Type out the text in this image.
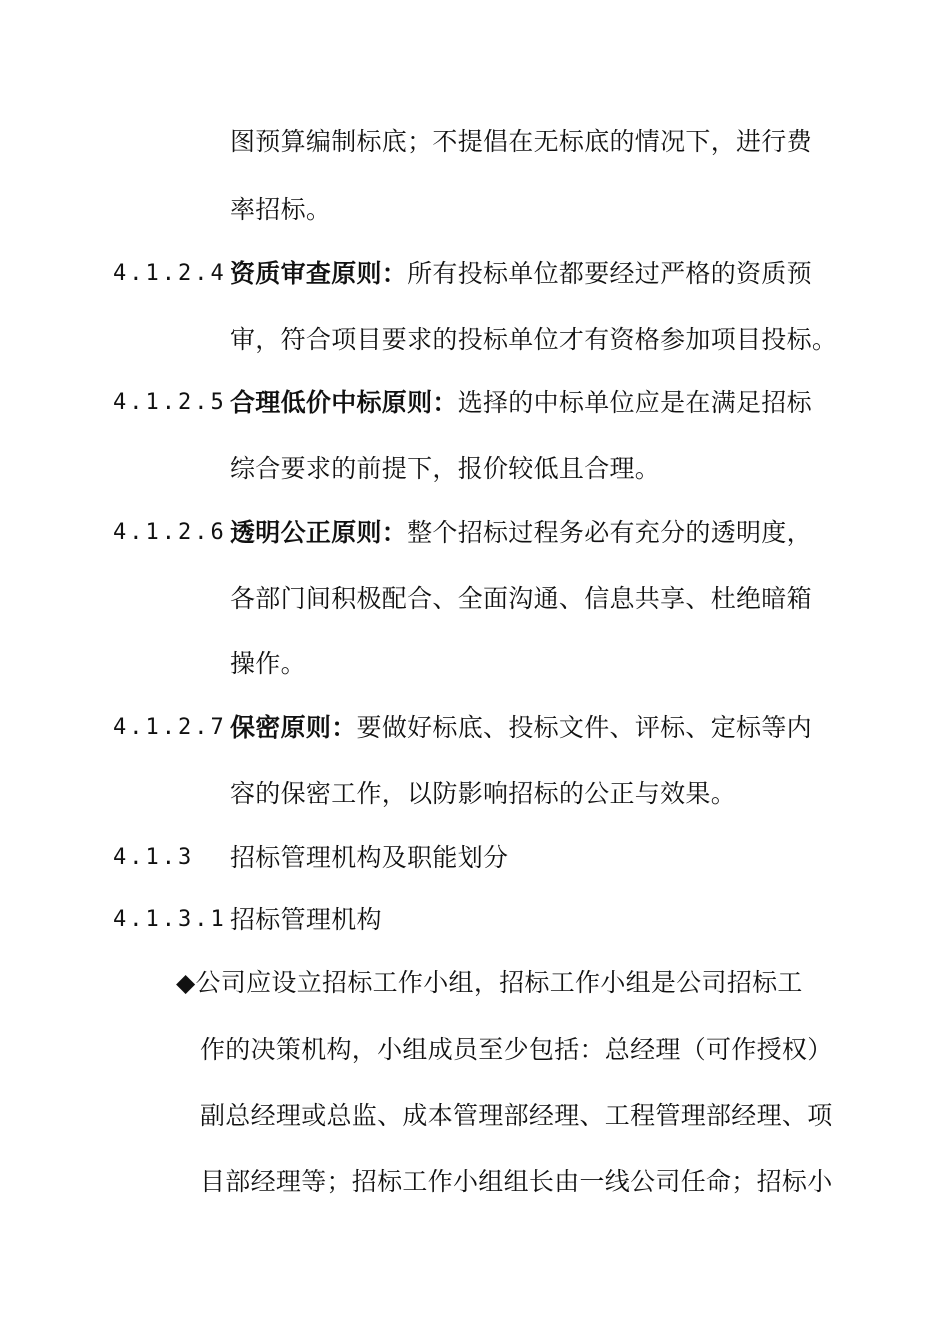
图预算编制标底；不提倡在无标底的情况下，进行费
率招标。
4.1.2.4 资质审查原则：所有投标单位都要经过严格的资质预
审，符合项目要求的投标单位才有资格参加项目投标。
4.1.2.5 合理低价中标原则：选择的中标单位应是在满足招标
综合要求的前提下，报价较低且合理。
4.1.2.6 透明公正原则：整个招标过程务必有充分的透明度，
各部门间积极配合、全面沟通、信息共享、杜绝暗箱
操作。
4.1.2.7 保密原则：要做好标底、投标文件、评标、定标等内
容的保密工作，以防影响招标的公正与效果。
4.1.3 招标管理机构及职能划分
4.1.3.1 招标管理机构
◆公司应设立招标工作小组，招标工作小组是公司招标工
作的决策机构，小组成员至少包括：总经理（可作授权）
副总经理或总监、成本管理部经理、工程管理部经理、项
目部经理等；招标工作小组组长由一线公司任命；招标小
